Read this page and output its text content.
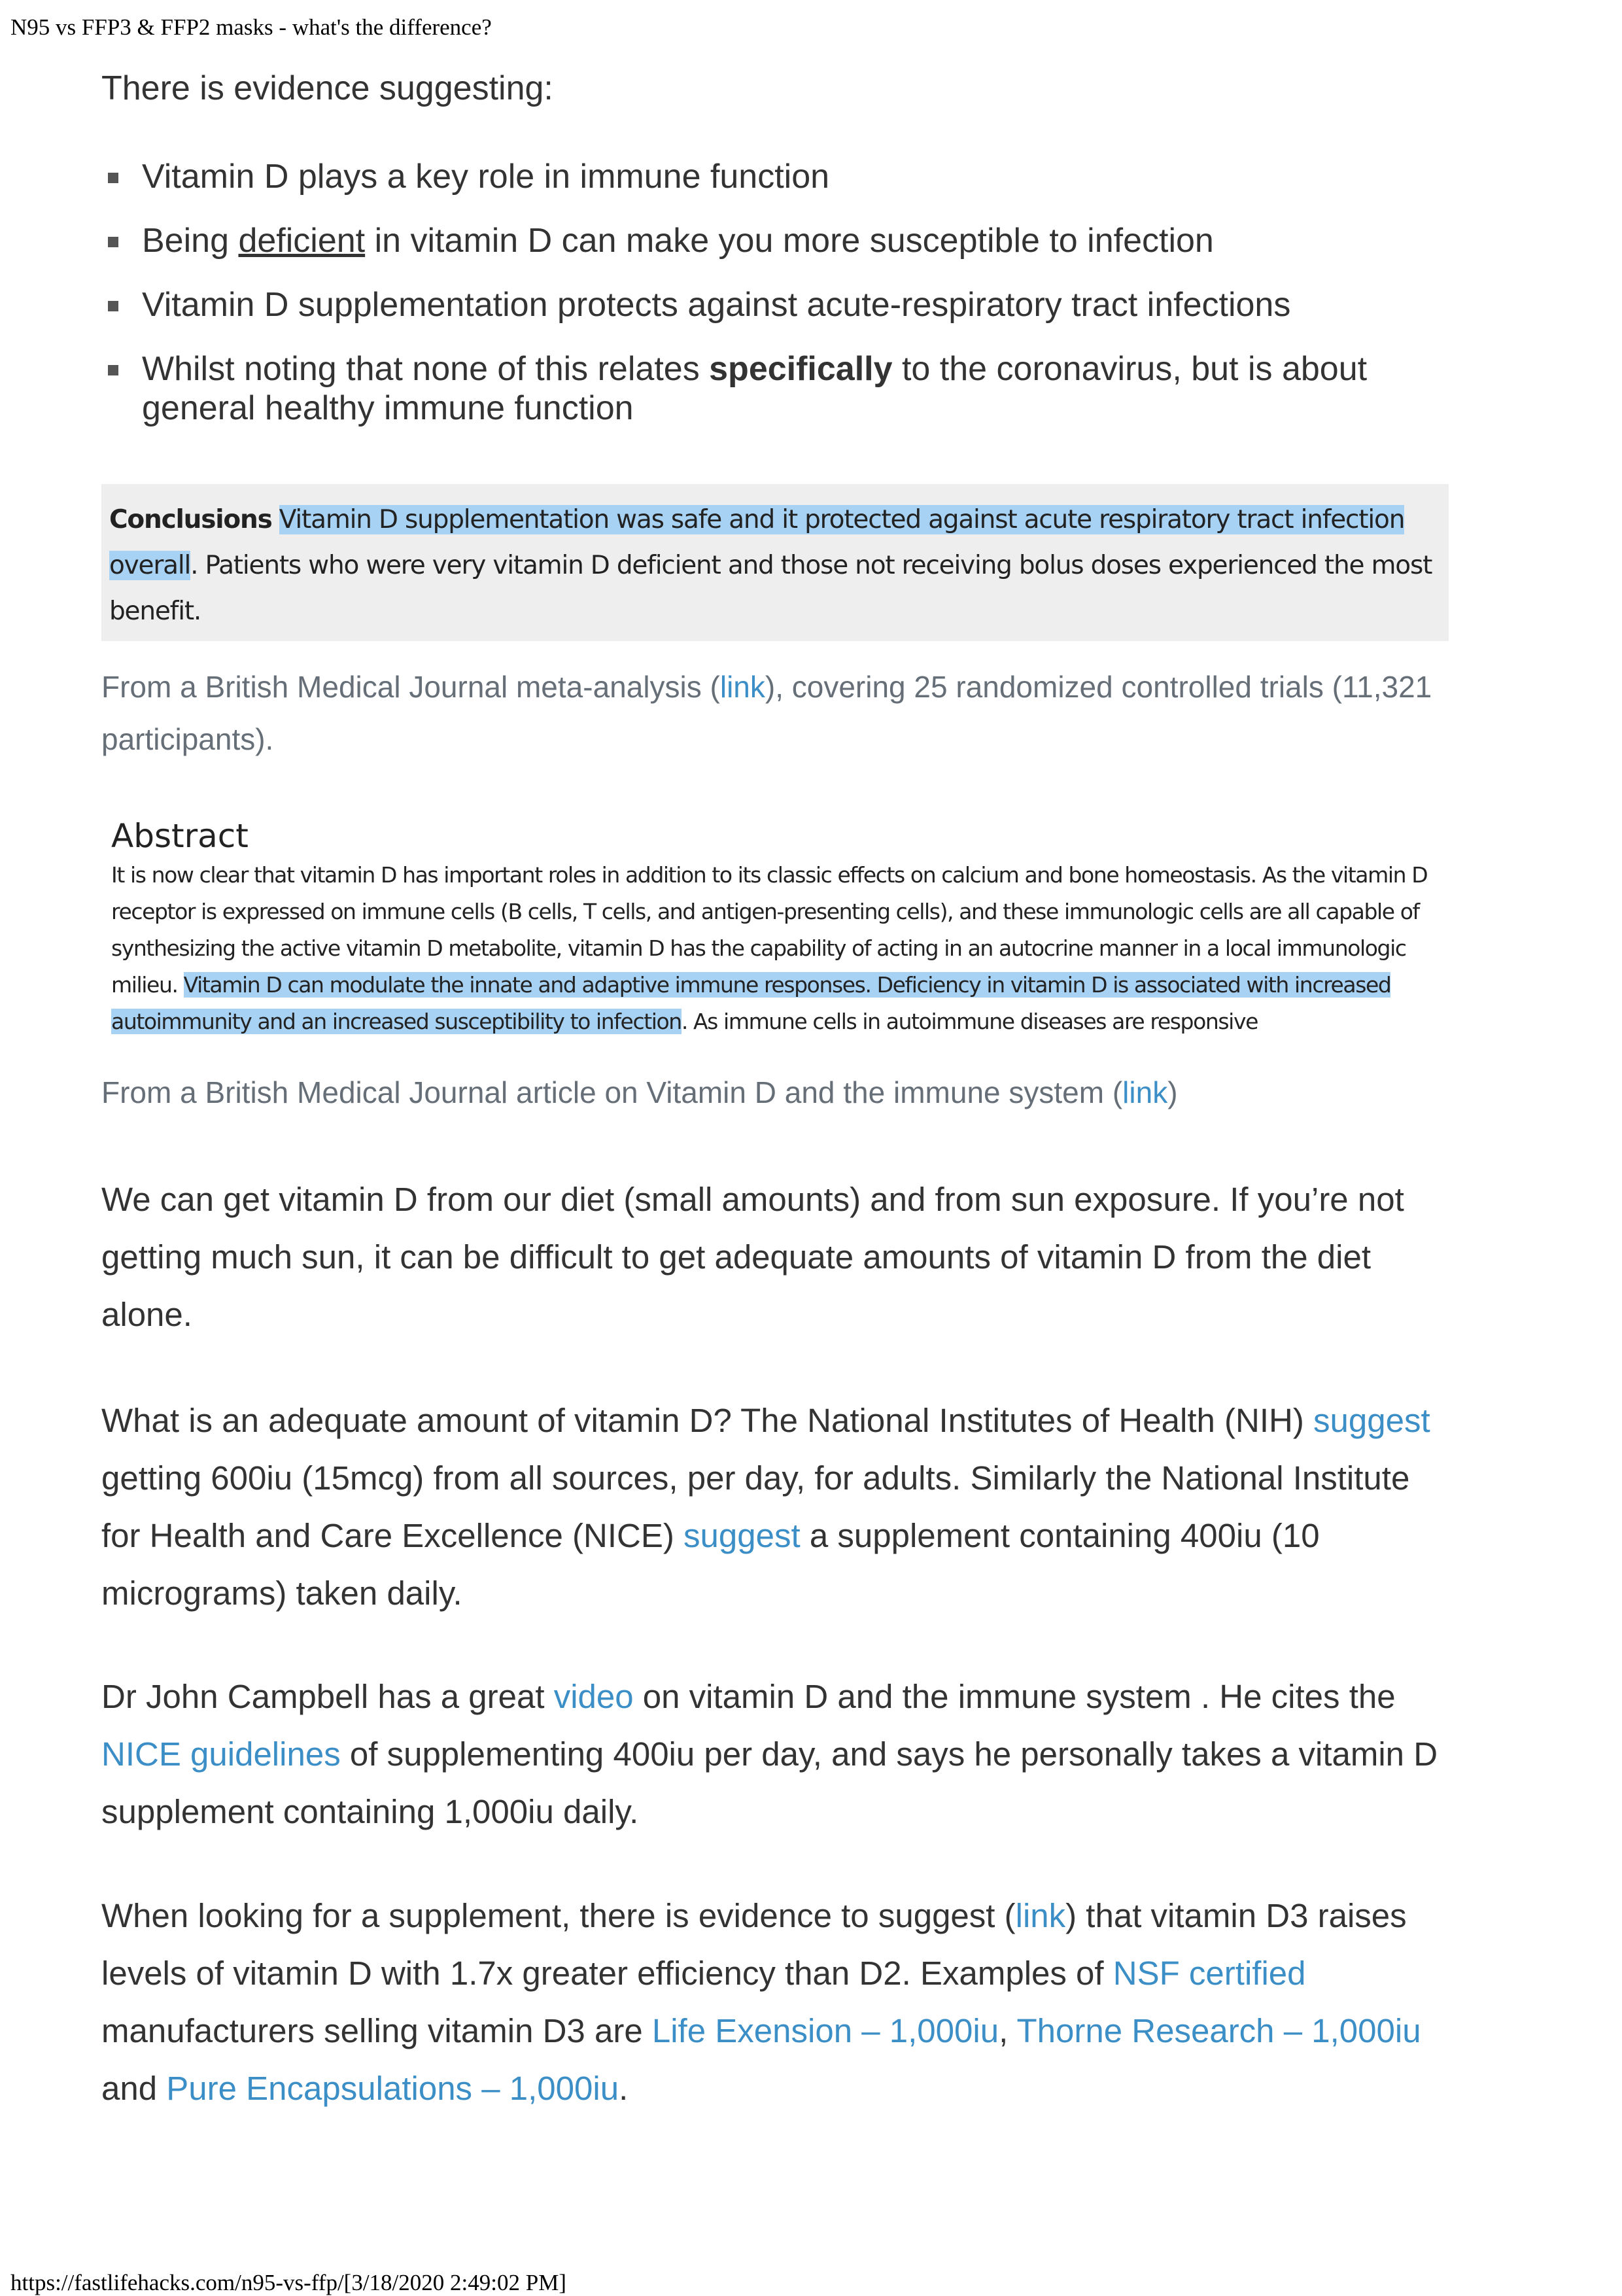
N95 vs FFP3 & FFP2 masks - what's the difference?
There is evidence suggesting:
Vitamin D plays a key role in immune function
Being deficient in vitamin D can make you more susceptible to infection
Vitamin D supplementation protects against acute-respiratory tract infections
Whilst noting that none of this relates specifically to the coronavirus, but is about general healthy immune function
Conclusions Vitamin D supplementation was safe and it protected against acute respiratory tract infection overall. Patients who were very vitamin D deficient and those not receiving bolus doses experienced the most benefit.
From a British Medical Journal meta-analysis (link), covering 25 randomized controlled trials (11,321 participants).
Abstract

It is now clear that vitamin D has important roles in addition to its classic effects on calcium and bone homeostasis. As the vitamin D receptor is expressed on immune cells (B cells, T cells, and antigen-presenting cells), and these immunologic cells are all capable of synthesizing the active vitamin D metabolite, vitamin D has the capability of acting in an autocrine manner in a local immunologic milieu. Vitamin D can modulate the innate and adaptive immune responses. Deficiency in vitamin D is associated with increased autoimmunity and an increased susceptibility to infection. As immune cells in autoimmune diseases are responsive

From a British Medical Journal article on Vitamin D and the immune system (link)
We can get vitamin D from our diet (small amounts) and from sun exposure. If you’re not getting much sun, it can be difficult to get adequate amounts of vitamin D from the diet alone.
What is an adequate amount of vitamin D? The National Institutes of Health (NIH) suggest getting 600iu (15mcg) from all sources, per day, for adults. Similarly the National Institute for Health and Care Excellence (NICE) suggest a supplement containing 400iu (10 micrograms) taken daily.
Dr John Campbell has a great video on vitamin D and the immune system . He cites the NICE guidelines of supplementing 400iu per day, and says he personally takes a vitamin D supplement containing 1,000iu daily.
When looking for a supplement, there is evidence to suggest (link) that vitamin D3 raises levels of vitamin D with 1.7x greater efficiency than D2. Examples of NSF certified manufacturers selling vitamin D3 are Life Exension – 1,000iu, Thorne Research – 1,000iu and Pure Encapsulations – 1,000iu.
https://fastlifehacks.com/n95-vs-ffp/[3/18/2020 2:49:02 PM]
